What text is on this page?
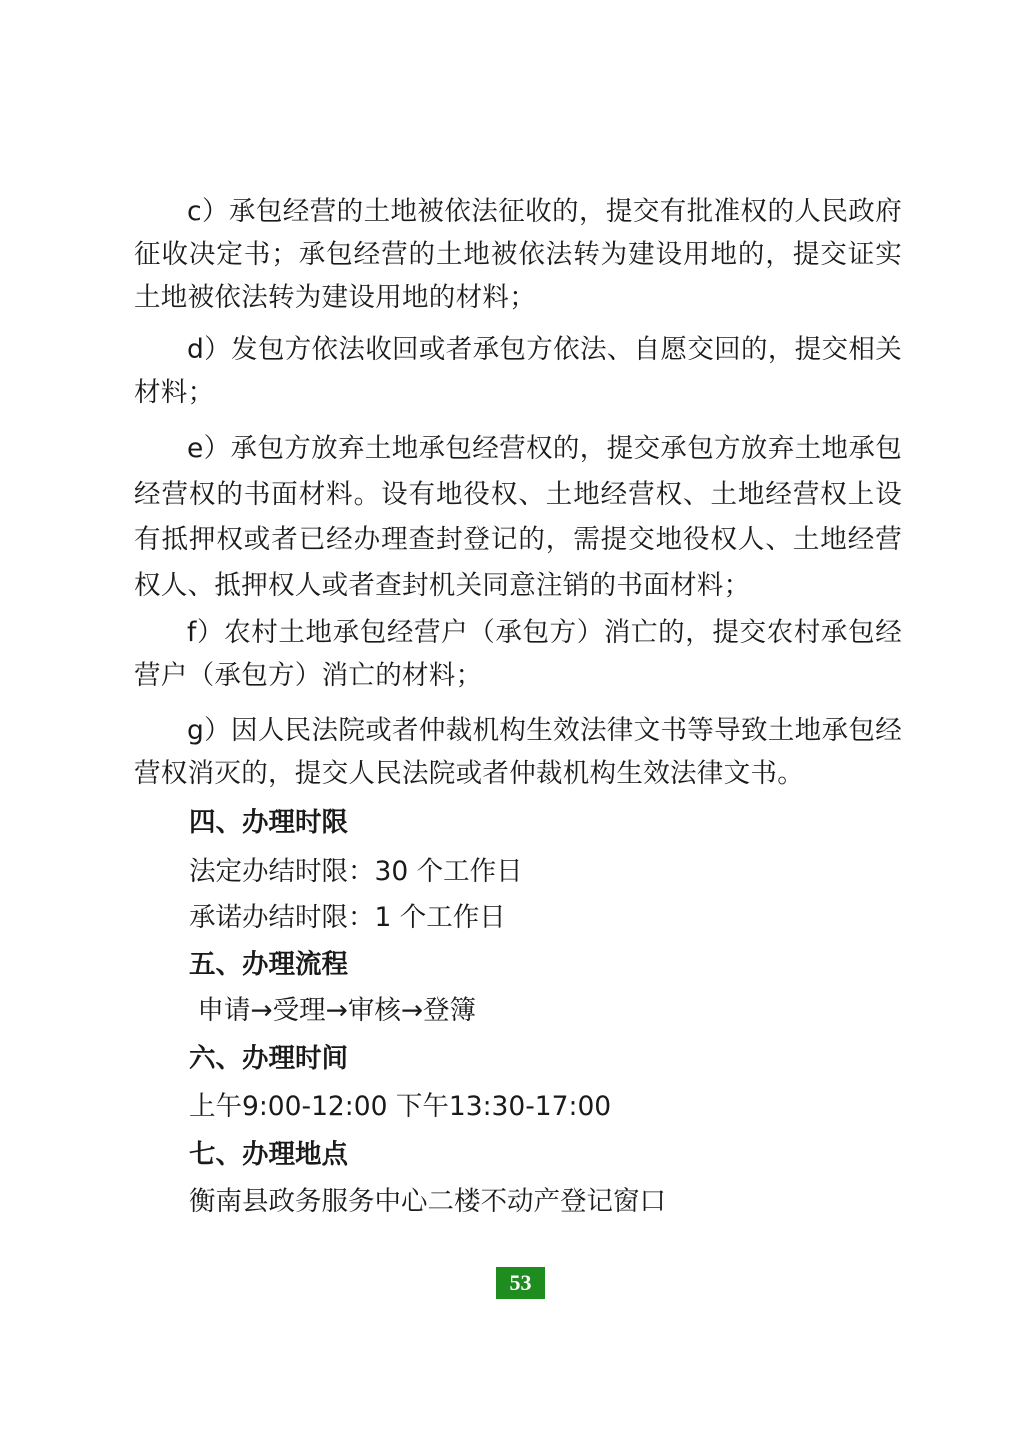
c）承包经营的土地被依法征收的，提交有批准权的人民政府征收决定书；承包经营的土地被依法转为建设用地的，提交证实土地被依法转为建设用地的材料；

d）发包方依法收回或者承包方依法、自愿交回的，提交相关材料；

e）承包方放弃土地承包经营权的，提交承包方放弃土地承包经营权的书面材料。设有地役权、土地经营权、土地经营权上设有抵押权或者已经办理查封登记的，需提交地役权人、土地经营权人、抵押权人或者查封机关同意注销的书面材料；

f）农村土地承包经营户（承包方）消亡的，提交农村承包经营户（承包方）消亡的材料；

g）因人民法院或者仲裁机构生效法律文书等导致土地承包经营权消灭的，提交人民法院或者仲裁机构生效法律文书。

四、办理时限

法定办结时限：30 个工作日

承诺办结时限：1 个工作日

五、办理流程

申请→受理→审核→登簿

六、办理时间

上午9:00-12:00 下午13:30-17:00

七、办理地点

衡南县政务服务中心二楼不动产登记窗口

53
